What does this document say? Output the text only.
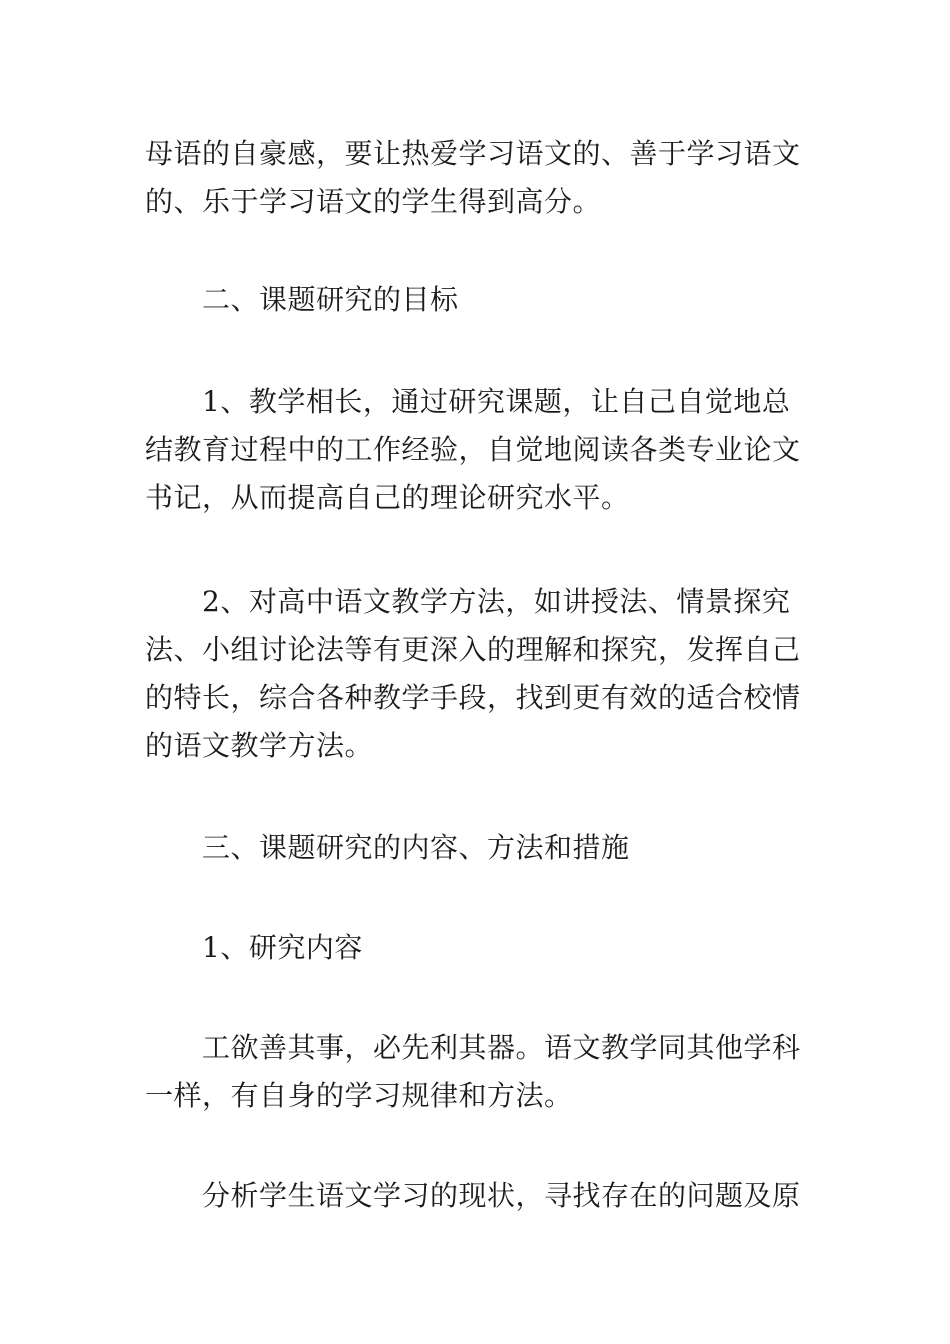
母语的自豪感，要让热爱学习语文的、善于学习语文
的、乐于学习语文的学生得到高分。

二、课题研究的目标

1、教学相长，通过研究课题，让自己自觉地总
结教育过程中的工作经验，自觉地阅读各类专业论文
书记，从而提高自己的理论研究水平。

2、对高中语文教学方法，如讲授法、情景探究
法、小组讨论法等有更深入的理解和探究，发挥自己
的特长，综合各种教学手段，找到更有效的适合校情
的语文教学方法。

三、课题研究的内容、方法和措施

1、研究内容

工欲善其事，必先利其器。语文教学同其他学科
一样，有自身的学习规律和方法。

分析学生语文学习的现状，寻找存在的问题及原
